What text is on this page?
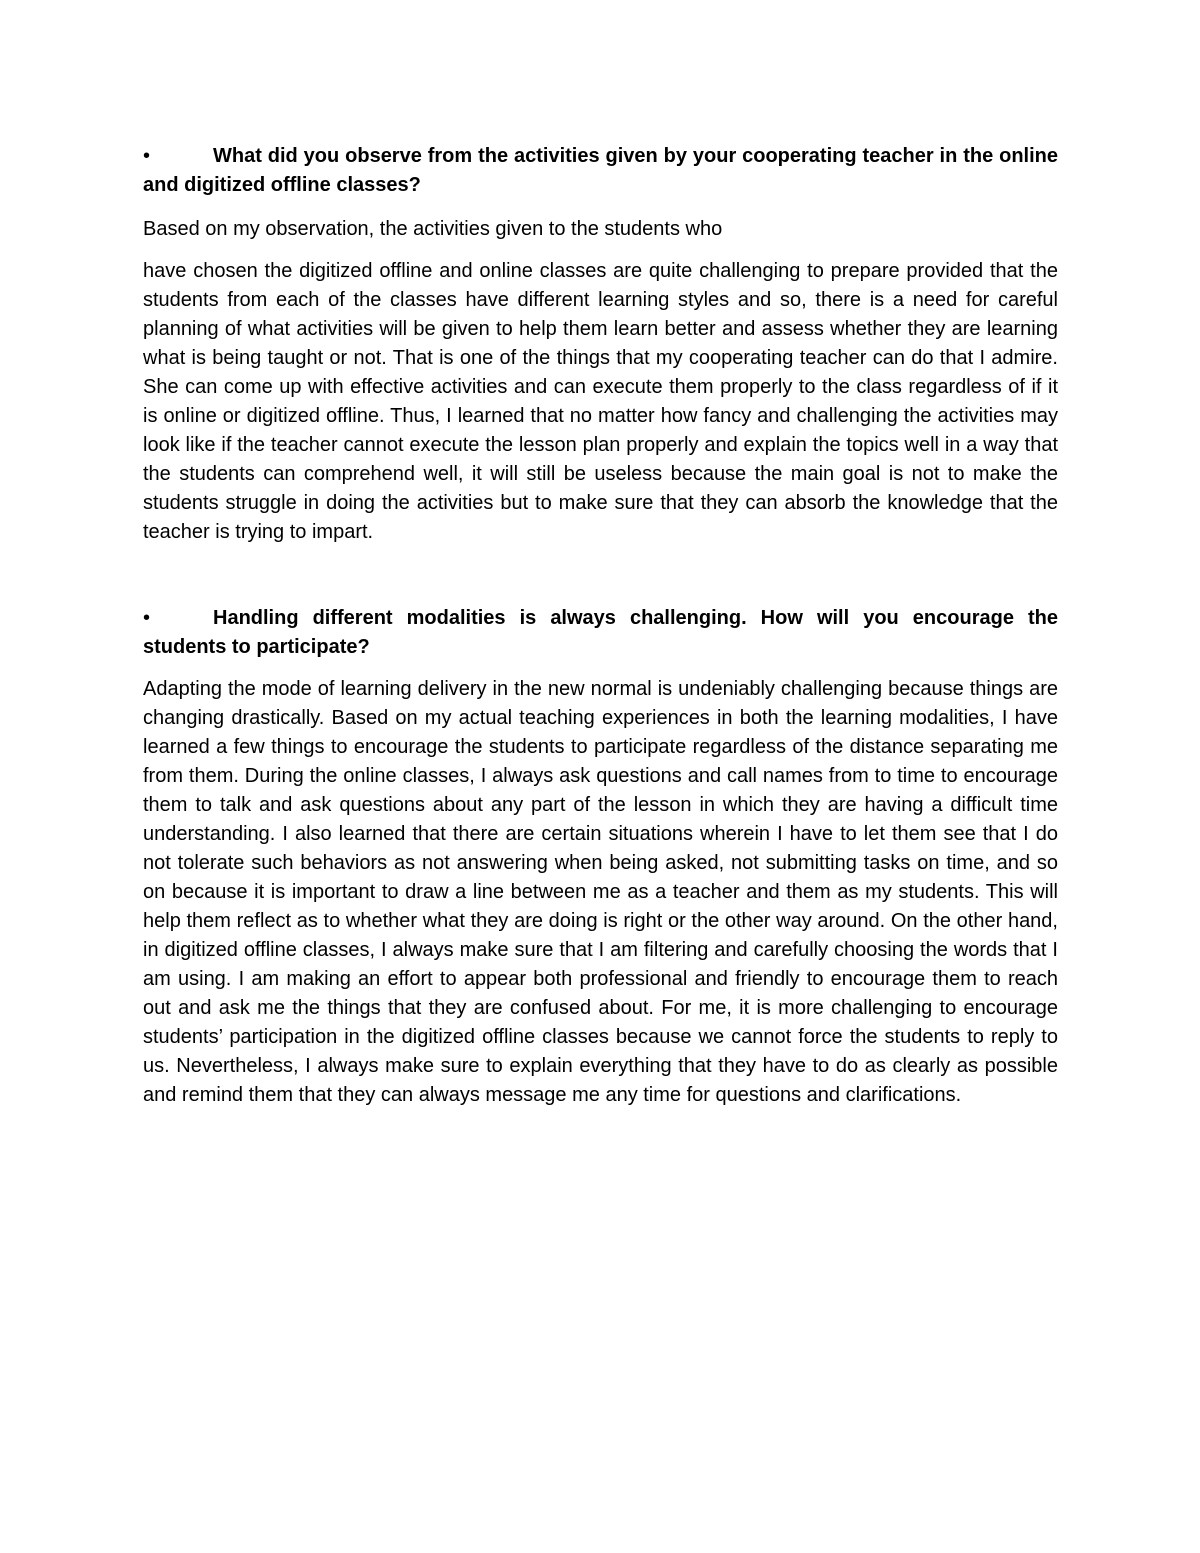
•	What did you observe from the activities given by your cooperating teacher in the online and digitized offline classes?
Based on my observation, the activities given to the students who
have chosen the digitized offline and online classes are quite challenging to prepare provided that the students from each of the classes have different learning styles and so, there is a need for careful planning of what activities will be given to help them learn better and assess whether they are learning what is being taught or not. That is one of the things that my cooperating teacher can do that I admire. She can come up with effective activities and can execute them properly to the class regardless of if it is online or digitized offline. Thus, I learned that no matter how fancy and challenging the activities may look like if the teacher cannot execute the lesson plan properly and explain the topics well in a way that the students can comprehend well, it will still be useless because the main goal is not to make the students struggle in doing the activities but to make sure that they can absorb the knowledge that the teacher is trying to impart.
•	Handling different modalities is always challenging. How will you encourage the students to participate?
Adapting the mode of learning delivery in the new normal is undeniably challenging because things are changing drastically. Based on my actual teaching experiences in both the learning modalities, I have learned a few things to encourage the students to participate regardless of the distance separating me from them. During the online classes, I always ask questions and call names from to time to encourage them to talk and ask questions about any part of the lesson in which they are having a difficult time understanding. I also learned that there are certain situations wherein I have to let them see that I do not tolerate such behaviors as not answering when being asked, not submitting tasks on time, and so on because it is important to draw a line between me as a teacher and them as my students. This will help them reflect as to whether what they are doing is right or the other way around. On the other hand, in digitized offline classes, I always make sure that I am filtering and carefully choosing the words that I am using. I am making an effort to appear both professional and friendly to encourage them to reach out and ask me the things that they are confused about. For me, it is more challenging to encourage students’ participation in the digitized offline classes because we cannot force the students to reply to us. Nevertheless, I always make sure to explain everything that they have to do as clearly as possible and remind them that they can always message me any time for questions and clarifications.
